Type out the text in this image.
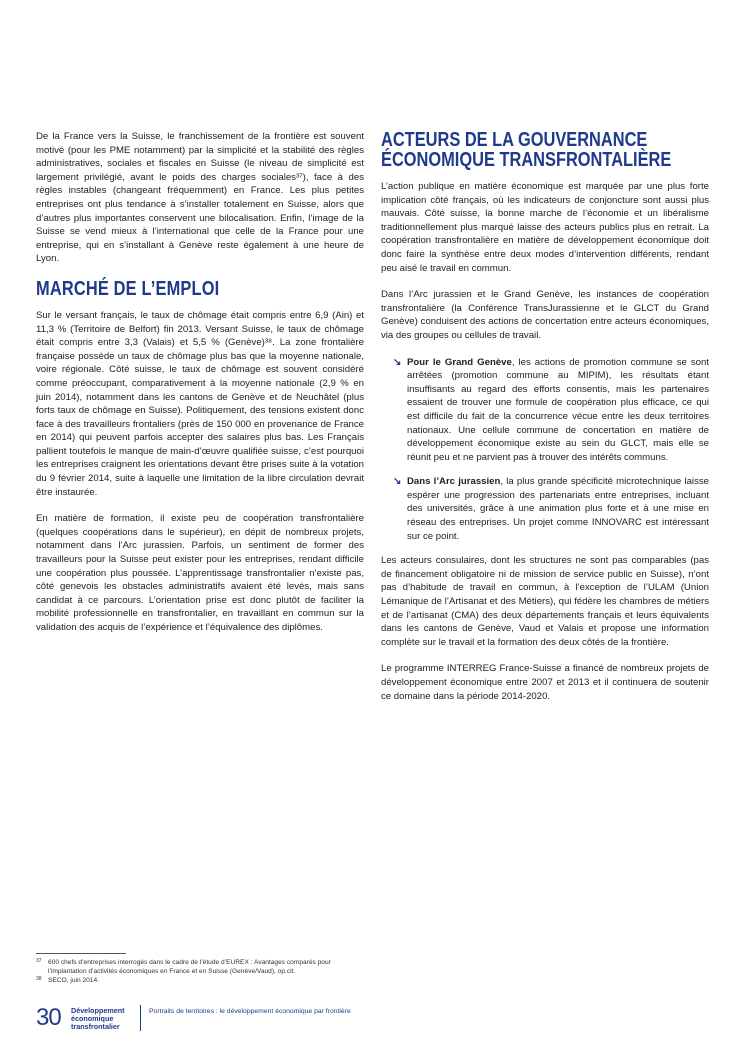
De la France vers la Suisse, le franchissement de la frontière est souvent motivé (pour les PME notamment) par la simplicité et la stabilité des règles administratives, sociales et fiscales en Suisse (le niveau de simplicité est largement privilégié, avant le poids des charges sociales³⁷), face à des règles instables (changeant fréquemment) en France. Les plus petites entreprises ont plus tendance à s’installer totalement en Suisse, alors que d’autres plus importantes conservent une bilocalisation. Enfin, l’image de la Suisse se vend mieux à l’international que celle de la France pour une entreprise, qui en s’installant à Genève reste également à une heure de Lyon.

MARCHÉ DE L’EMPLOI

Sur le versant français, le taux de chômage était compris entre 6,9 (Ain) et 11,3 % (Territoire de Belfort) fin 2013. Versant Suisse, le taux de chômage était compris entre 3,3 (Valais) et 5,5 % (Genève)³⁸. La zone frontalière française possède un taux de chômage plus bas que la moyenne nationale, voire régionale. Côté suisse, le taux de chômage est souvent considéré comme préoccupant, comparativement à la moyenne nationale (2,9 % en juin 2014), notamment dans les cantons de Genève et de Neuchâtel (plus forts taux de chômage en Suisse). Politiquement, des tensions existent donc face à des travailleurs frontaliers (près de 150 000 en provenance de France en 2014) qui peuvent parfois accepter des salaires plus bas. Les Français pallient toutefois le manque de main-d’œuvre qualifiée suisse, c’est pourquoi les entreprises craignent les orientations devant être prises suite à la votation du 9 février 2014, suite à laquelle une limitation de la libre circulation devrait être instaurée.

En matière de formation, il existe peu de coopération transfrontalière (quelques coopérations dans le supérieur), en dépit de nombreux projets, notamment dans l’Arc jurassien. Parfois, un sentiment de former des travailleurs pour la Suisse peut exister pour les entreprises, rendant difficile une coopération plus poussée. L’apprentissage transfrontalier n’existe pas, côté genevois les obstacles administratifs avaient été levés, mais sans candidat à ce parcours. L’orientation prise est donc plutôt de faciliter la mobilité professionnelle en transfrontalier, en travaillant en commun sur la validation des acquis de l’expérience et l’équivalence des diplômes.

ACTEURS DE LA GOUVERNANCE
ÉCONOMIQUE TRANSFRONTALIÈRE

L’action publique en matière économique est marquée par une plus forte implication côté français, où les indicateurs de conjoncture sont aussi plus mauvais. Côté suisse, la bonne marche de l’économie et un libéralisme traditionnellement plus marqué laisse des acteurs publics plus en retrait. La coopération transfrontalière en matière de développement économique doit donc faire la synthèse entre deux modes d’intervention différents, rendant peu aisé le travail en commun.

Dans l’Arc jurassien et le Grand Genève, les instances de coopération transfrontalière (la Conférence TransJurassienne et le GLCT du Grand Genève) conduisent des actions de concertation entre acteurs économiques, via des groupes ou cellules de travail.

↘ Pour le Grand Genève, les actions de promotion commune se sont arrêtées (promotion commune au MIPIM), les résultats étant insuffisants au regard des efforts consentis, mais les partenaires essaient de trouver une formule de coopération plus efficace, ce qui est difficile du fait de la concurrence vécue entre les deux territoires nationaux. Une cellule commune de concertation en matière de développement économique existe au sein du GLCT, mais elle se réunit peu et ne parvient pas à trouver des intérêts communs.
↘ Dans l’Arc jurassien, la plus grande spécificité microtechnique laisse espérer une progression des partenariats entre entreprises, incluant des universités, grâce à une animation plus forte et à une mise en réseau des entreprises. Un projet comme INNOVARC est intéressant sur ce point.

Les acteurs consulaires, dont les structures ne sont pas comparables (pas de financement obligatoire ni de mission de service public en Suisse), n’ont pas d’habitude de travail en commun, à l’exception de l’ULAM (Union Lémanique de l’Artisanat et des Métiers), qui fédère les chambres de métiers et de l’artisanat (CMA) des deux départements français et leurs équivalents dans les cantons de Genève, Vaud et Valais et propose une information complète sur le travail et la formation des deux côtés de la frontière.

Le programme INTERREG France-Suisse a financé de nombreux projets de développement économique entre 2007 et 2013 et il continuera de soutenir ce domaine dans la période 2014-2020.

37 600 chefs d’entreprises interrogés dans le cadre de l’étude d’EUREX : Avantages comparés pour l’implantation d’activités économiques en France et en Suisse (Genève/Vaud), op.cit.
38 SECO, juin 2014.
30 Développement
économique
transfrontalier
Portraits de territoires : le développement économique par frontière
